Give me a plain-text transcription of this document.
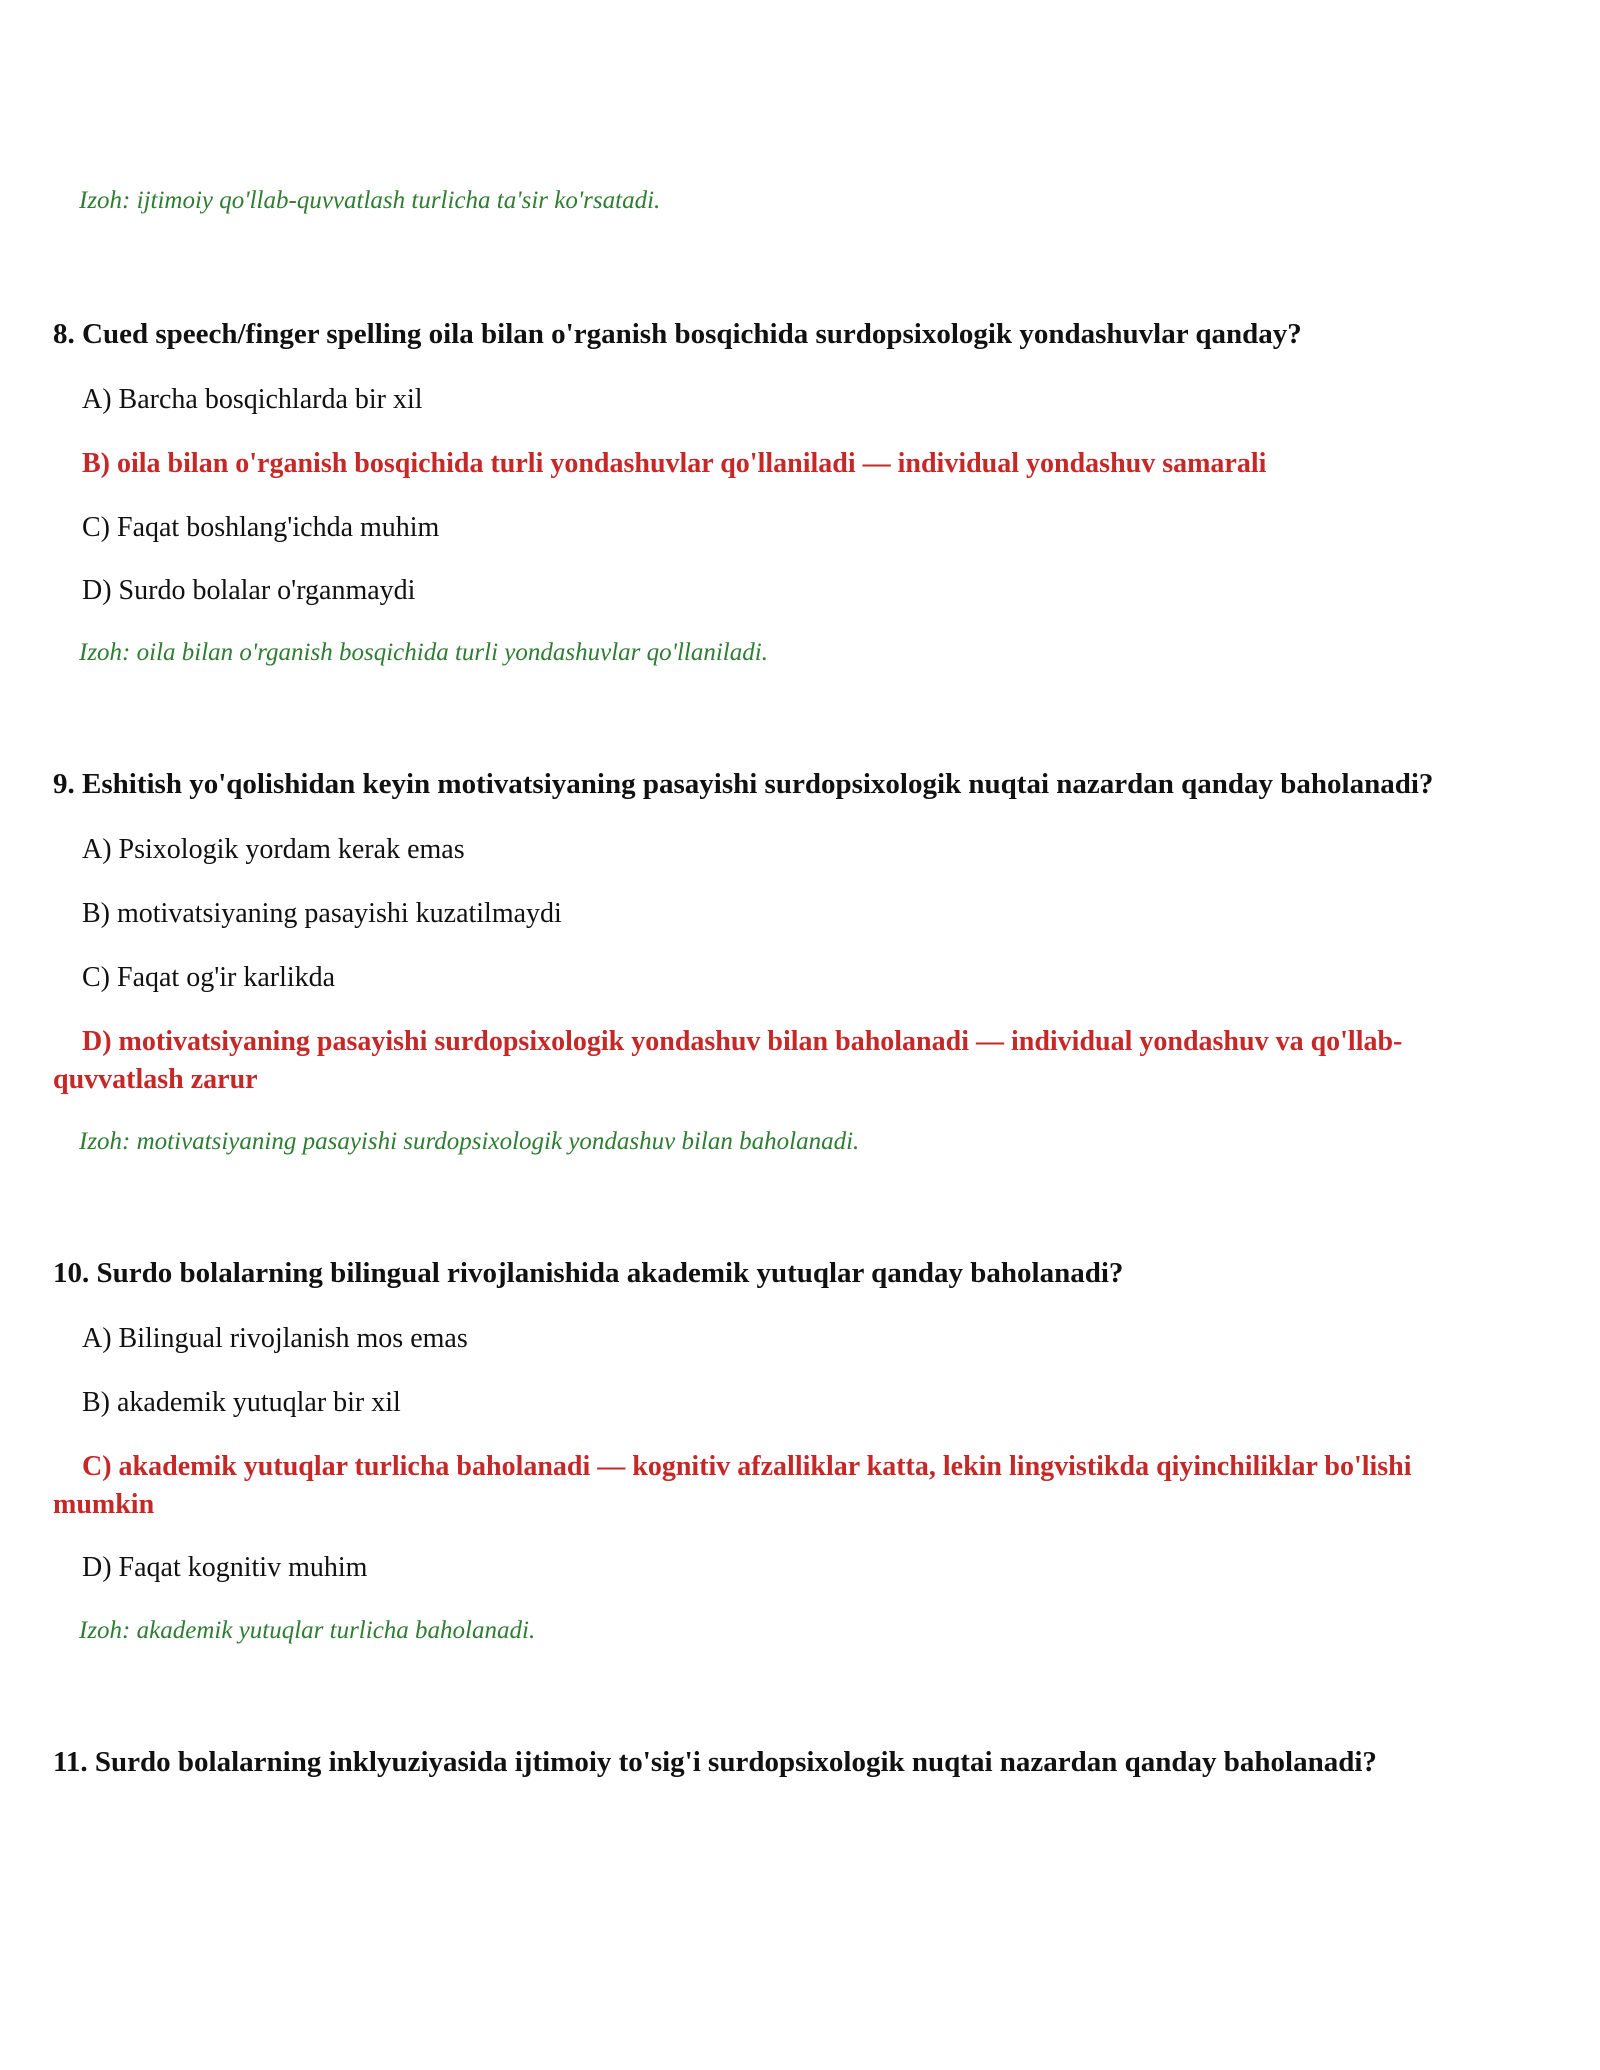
Izoh: ijtimoiy qo'llab-quvvatlash turlicha ta'sir ko'rsatadi.
8. Cued speech/finger spelling oila bilan o'rganish bosqichida surdopsixologik yondashuvlar qanday?
A) Barcha bosqichlarda bir xil
B) oila bilan o'rganish bosqichida turli yondashuvlar qo'llaniladi — individual yondashuv samarali
C) Faqat boshlang'ichda muhim
D) Surdo bolalar o'rganmaydi
Izoh: oila bilan o'rganish bosqichida turli yondashuvlar qo'llaniladi.
9. Eshitish yo'qolishidan keyin motivatsiyaning pasayishi surdopsixologik nuqtai nazardan qanday baholanadi?
A) Psixologik yordam kerak emas
B) motivatsiyaning pasayishi kuzatilmaydi
C) Faqat og'ir karlikda
D) motivatsiyaning pasayishi surdopsixologik yondashuv bilan baholanadi — individual yondashuv va qo'llab-quvvatlash zarur
Izoh: motivatsiyaning pasayishi surdopsixologik yondashuv bilan baholanadi.
10. Surdo bolalarning bilingual rivojlanishida akademik yutuqlar qanday baholanadi?
A) Bilingual rivojlanish mos emas
B) akademik yutuqlar bir xil
C) akademik yutuqlar turlicha baholanadi — kognitiv afzalliklar katta, lekin lingvistikda qiyinchiliklar bo'lishi mumkin
D) Faqat kognitiv muhim
Izoh: akademik yutuqlar turlicha baholanadi.
11. Surdo bolalarning inklyuziyasida ijtimoiy to'sig'i surdopsixologik nuqtai nazardan qanday baholanadi?
